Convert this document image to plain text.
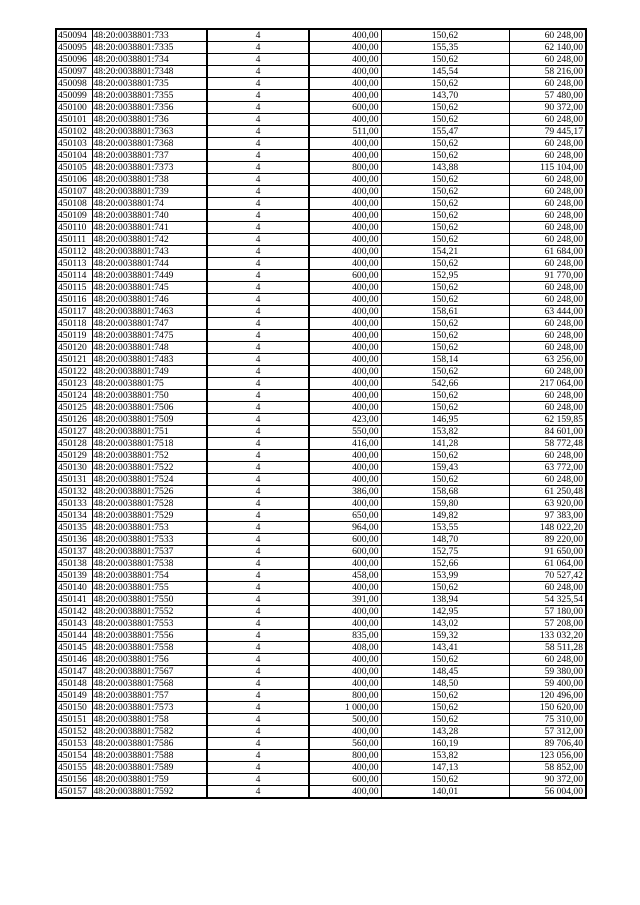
450094	48:20:0038801:733	4	400,00	150,62	60 248,00
450095	48:20:0038801:7335	4	400,00	155,35	62 140,00
450096	48:20:0038801:734	4	400,00	150,62	60 248,00
450097	48:20:0038801:7348	4	400,00	145,54	58 216,00
450098	48:20:0038801:735	4	400,00	150,62	60 248,00
450099	48:20:0038801:7355	4	400,00	143,70	57 480,00
450100	48:20:0038801:7356	4	600,00	150,62	90 372,00
450101	48:20:0038801:736	4	400,00	150,62	60 248,00
450102	48:20:0038801:7363	4	511,00	155,47	79 445,17
450103	48:20:0038801:7368	4	400,00	150,62	60 248,00
450104	48:20:0038801:737	4	400,00	150,62	60 248,00
450105	48:20:0038801:7373	4	800,00	143,88	115 104,00
450106	48:20:0038801:738	4	400,00	150,62	60 248,00
450107	48:20:0038801:739	4	400,00	150,62	60 248,00
450108	48:20:0038801:74	4	400,00	150,62	60 248,00
450109	48:20:0038801:740	4	400,00	150,62	60 248,00
450110	48:20:0038801:741	4	400,00	150,62	60 248,00
450111	48:20:0038801:742	4	400,00	150,62	60 248,00
450112	48:20:0038801:743	4	400,00	154,21	61 684,00
450113	48:20:0038801:744	4	400,00	150,62	60 248,00
450114	48:20:0038801:7449	4	600,00	152,95	91 770,00
450115	48:20:0038801:745	4	400,00	150,62	60 248,00
450116	48:20:0038801:746	4	400,00	150,62	60 248,00
450117	48:20:0038801:7463	4	400,00	158,61	63 444,00
450118	48:20:0038801:747	4	400,00	150,62	60 248,00
450119	48:20:0038801:7475	4	400,00	150,62	60 248,00
450120	48:20:0038801:748	4	400,00	150,62	60 248,00
450121	48:20:0038801:7483	4	400,00	158,14	63 256,00
450122	48:20:0038801:749	4	400,00	150,62	60 248,00
450123	48:20:0038801:75	4	400,00	542,66	217 064,00
450124	48:20:0038801:750	4	400,00	150,62	60 248,00
450125	48:20:0038801:7506	4	400,00	150,62	60 248,00
450126	48:20:0038801:7509	4	423,00	146,95	62 159,85
450127	48:20:0038801:751	4	550,00	153,82	84 601,00
450128	48:20:0038801:7518	4	416,00	141,28	58 772,48
450129	48:20:0038801:752	4	400,00	150,62	60 248,00
450130	48:20:0038801:7522	4	400,00	159,43	63 772,00
450131	48:20:0038801:7524	4	400,00	150,62	60 248,00
450132	48:20:0038801:7526	4	386,00	158,68	61 250,48
450133	48:20:0038801:7528	4	400,00	159,80	63 920,00
450134	48:20:0038801:7529	4	650,00	149,82	97 383,00
450135	48:20:0038801:753	4	964,00	153,55	148 022,20
450136	48:20:0038801:7533	4	600,00	148,70	89 220,00
450137	48:20:0038801:7537	4	600,00	152,75	91 650,00
450138	48:20:0038801:7538	4	400,00	152,66	61 064,00
450139	48:20:0038801:754	4	458,00	153,99	70 527,42
450140	48:20:0038801:755	4	400,00	150,62	60 248,00
450141	48:20:0038801:7550	4	391,00	138,94	54 325,54
450142	48:20:0038801:7552	4	400,00	142,95	57 180,00
450143	48:20:0038801:7553	4	400,00	143,02	57 208,00
450144	48:20:0038801:7556	4	835,00	159,32	133 032,20
450145	48:20:0038801:7558	4	408,00	143,41	58 511,28
450146	48:20:0038801:756	4	400,00	150,62	60 248,00
450147	48:20:0038801:7567	4	400,00	148,45	59 380,00
450148	48:20:0038801:7568	4	400,00	148,50	59 400,00
450149	48:20:0038801:757	4	800,00	150,62	120 496,00
450150	48:20:0038801:7573	4	1 000,00	150,62	150 620,00
450151	48:20:0038801:758	4	500,00	150,62	75 310,00
450152	48:20:0038801:7582	4	400,00	143,28	57 312,00
450153	48:20:0038801:7586	4	560,00	160,19	89 706,40
450154	48:20:0038801:7588	4	800,00	153,82	123 056,00
450155	48:20:0038801:7589	4	400,00	147,13	58 852,00
450156	48:20:0038801:759	4	600,00	150,62	90 372,00
450157	48:20:0038801:7592	4	400,00	140,01	56 004,00
